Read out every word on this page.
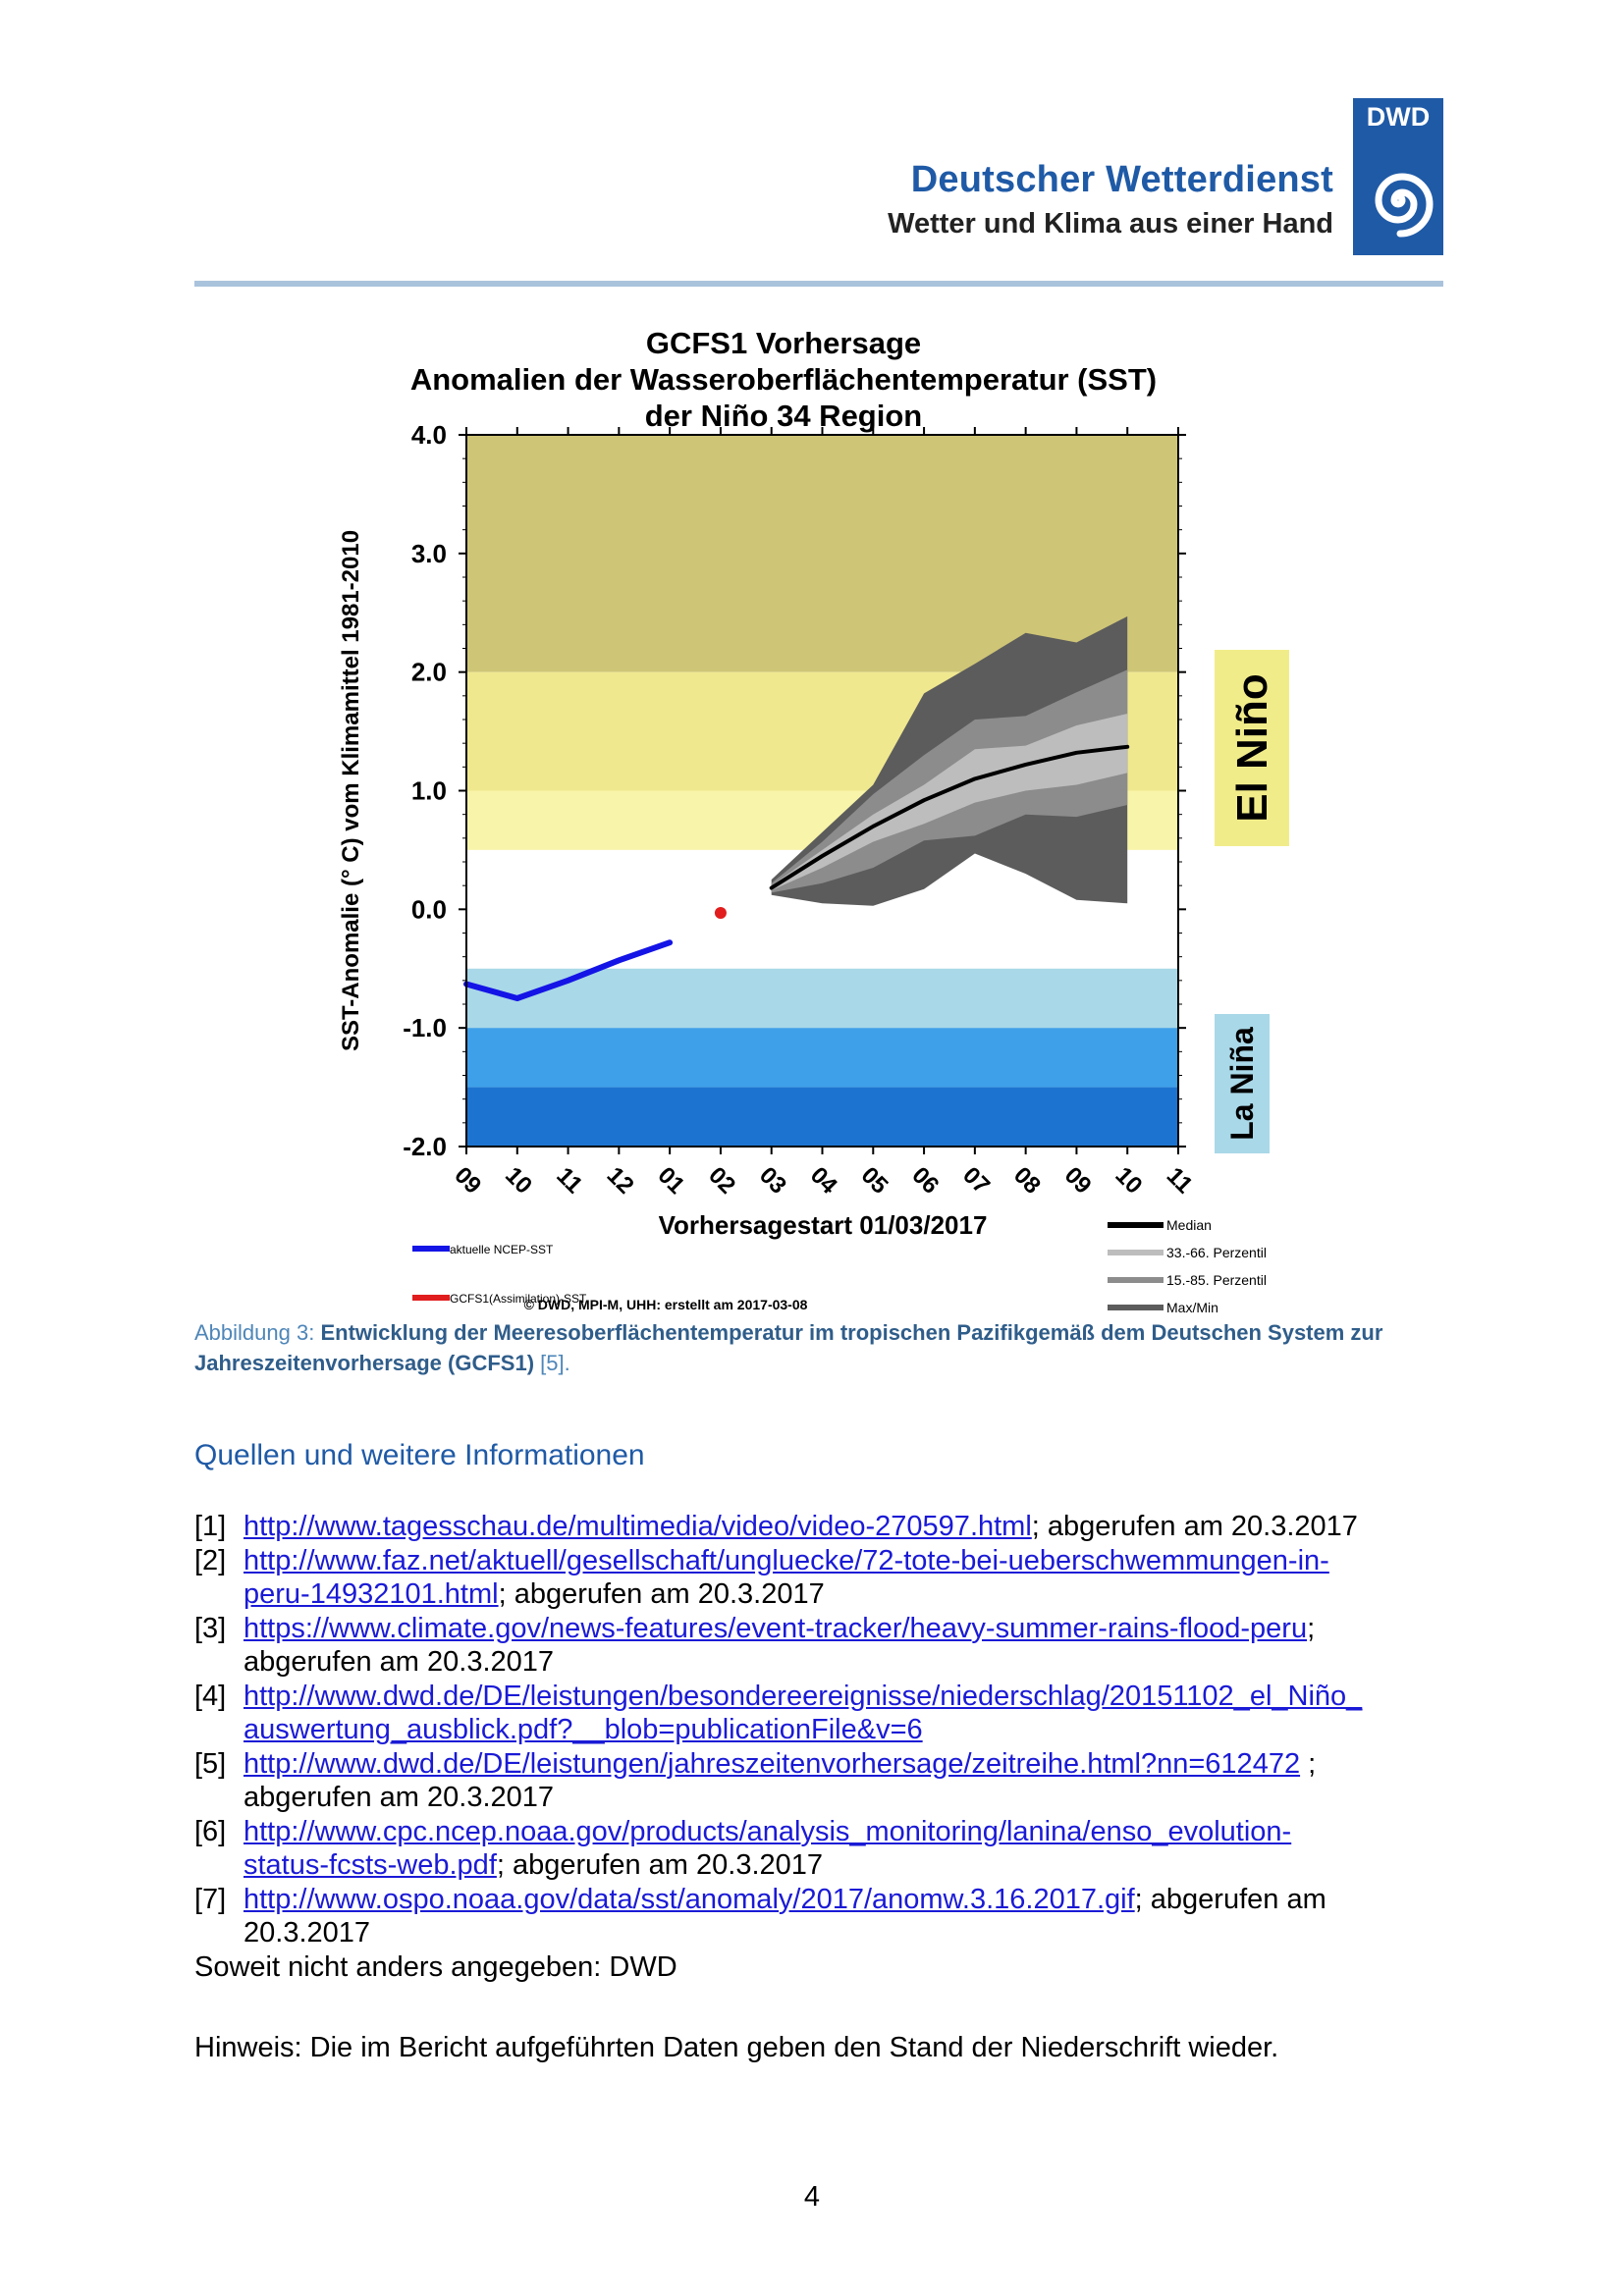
Deutscher Wetterdienst
Wetter und Klima aus einer Hand
DWD
GCFS1 Vorhersage
Anomalien der Wasseroberflächentemperatur (SST)
der Niño 34 Region
4.0
3.0
2.0
1.0
0.0
-1.0
-2.0
SST-Anomalie (° C) vom Klimamittel 1981-2010
09 10 11 12 01 02 03 04 05 06 07 08 09 10 11
Vorhersagestart 01/03/2017
El Niño
La Niña
aktuelle NCEP-SST
GCFS1(Assimilation)-SST
Median
33.-66. Perzentil
15.-85. Perzentil
Max/Min
© DWD, MPI-M, UHH: erstellt am 2017-03-08
Abbildung 3: Entwicklung der Meeresoberflächentemperatur im tropischen Pazifikgemäß dem Deutschen System zur Jahreszeitenvorhersage (GCFS1) [5].
Quellen und weitere Informationen
[1] http://www.tagesschau.de/multimedia/video/video-270597.html; abgerufen am 20.3.2017
[2] http://www.faz.net/aktuell/gesellschaft/ungluecke/72-tote-bei-ueberschwemmungen-in-
peru-14932101.html; abgerufen am 20.3.2017
[3] https://www.climate.gov/news-features/event-tracker/heavy-summer-rains-flood-peru;
abgerufen am 20.3.2017
[4] http://www.dwd.de/DE/leistungen/besondereereignisse/niederschlag/20151102_el_Niño_
auswertung_ausblick.pdf?__blob=publicationFile&v=6
[5] http://www.dwd.de/DE/leistungen/jahreszeitenvorhersage/zeitreihe.html?nn=612472 ;
abgerufen am 20.3.2017
[6] http://www.cpc.ncep.noaa.gov/products/analysis_monitoring/lanina/enso_evolution-
status-fcsts-web.pdf; abgerufen am 20.3.2017
[7] http://www.ospo.noaa.gov/data/sst/anomaly/2017/anomw.3.16.2017.gif; abgerufen am
20.3.2017
Soweit nicht anders angegeben: DWD
Hinweis: Die im Bericht aufgeführten Daten geben den Stand der Niederschrift wieder.
4
